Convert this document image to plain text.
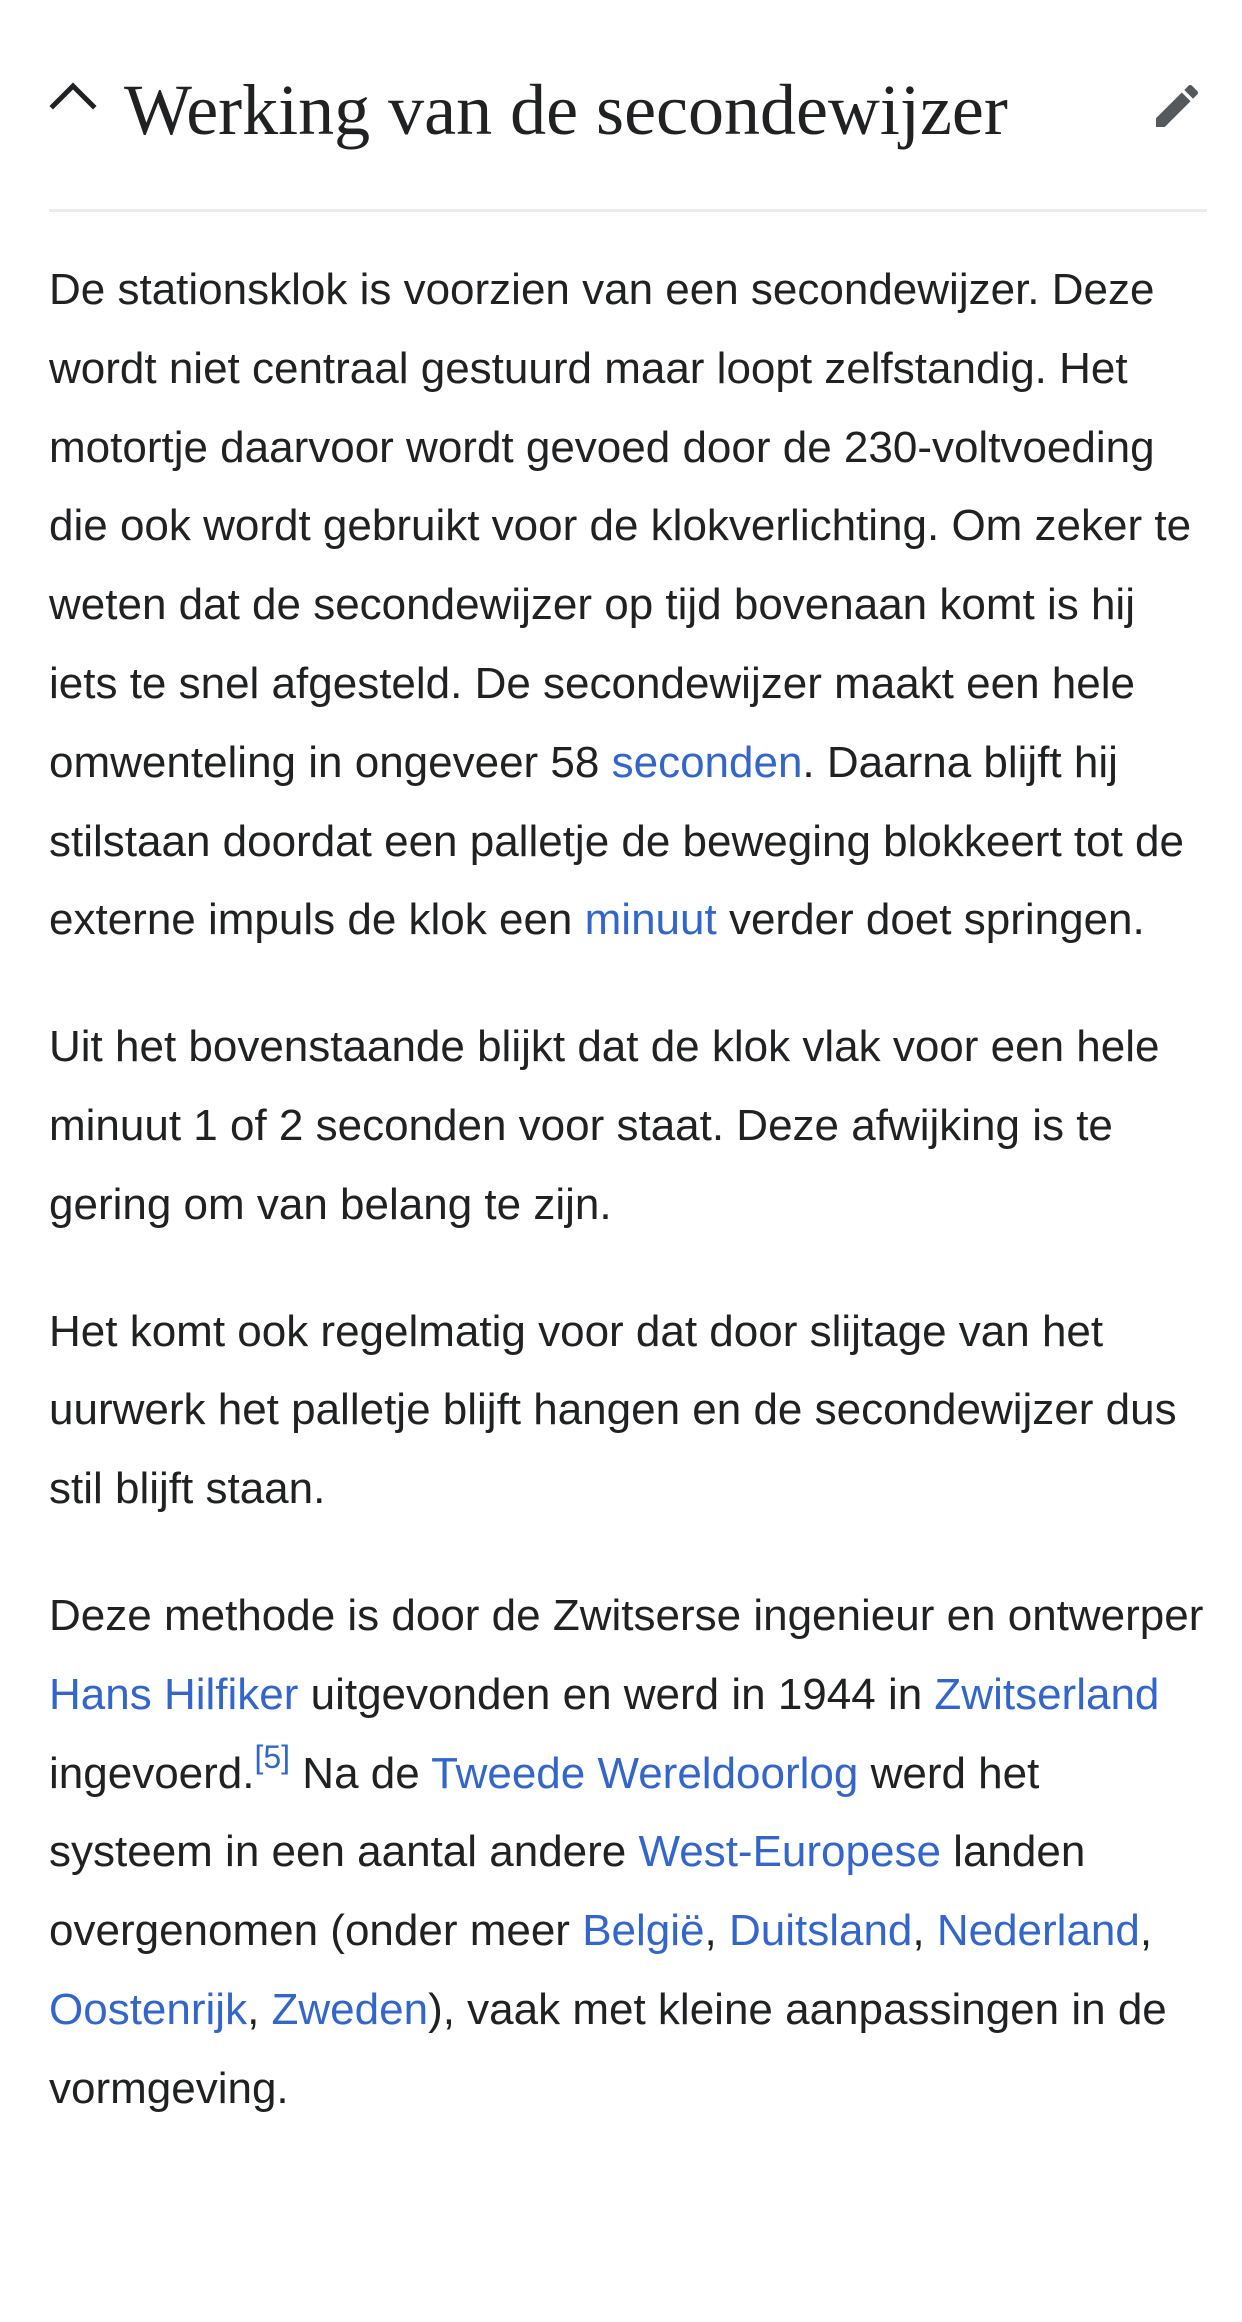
Werking van de secondewijzer

De stationsklok is voorzien van een secondewijzer. Deze wordt niet centraal gestuurd maar loopt zelfstandig. Het motortje daarvoor wordt gevoed door de 230-voltvoeding die ook wordt gebruikt voor de klokverlichting. Om zeker te weten dat de secondewijzer op tijd bovenaan komt is hij iets te snel afgesteld. De secondewijzer maakt een hele omwenteling in ongeveer 58 seconden. Daarna blijft hij stilstaan doordat een palletje de beweging blokkeert tot de externe impuls de klok een minuut verder doet springen.

Uit het bovenstaande blijkt dat de klok vlak voor een hele minuut 1 of 2 seconden voor staat. Deze afwijking is te gering om van belang te zijn.

Het komt ook regelmatig voor dat door slijtage van het uurwerk het palletje blijft hangen en de secondewijzer dus stil blijft staan.

Deze methode is door de Zwitserse ingenieur en ontwerper Hans Hilfiker uitgevonden en werd in 1944 in Zwitserland ingevoerd.[5] Na de Tweede Wereldoorlog werd het systeem in een aantal andere West-Europese landen overgenomen (onder meer België, Duitsland, Nederland, Oostenrijk, Zweden), vaak met kleine aanpassingen in de vormgeving.
